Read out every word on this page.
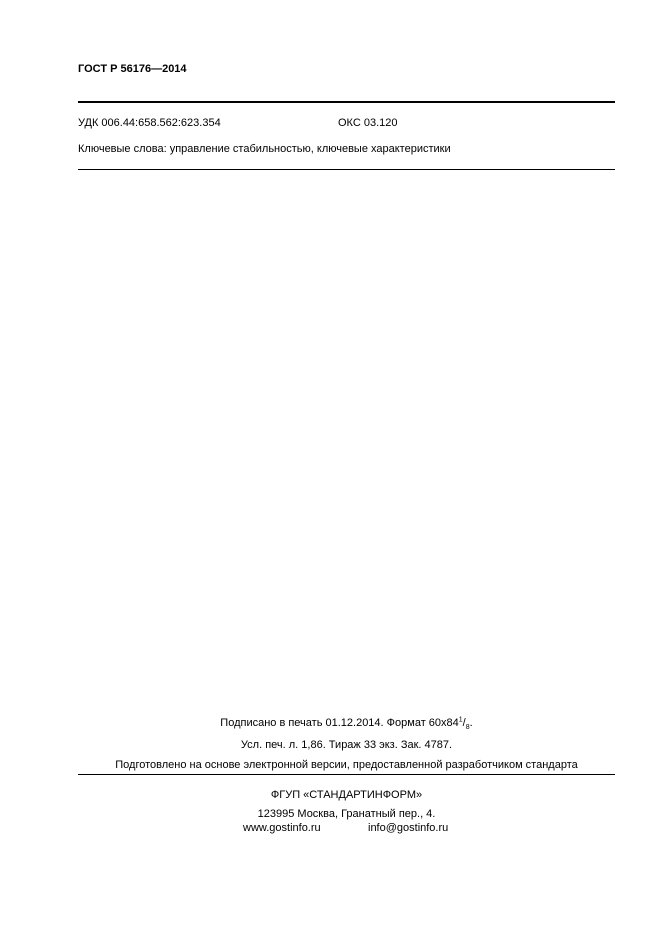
ГОСТ Р 56176—2014
УДК 006.44:658.562:623.354	ОКС 03.120
Ключевые слова: управление стабильностью, ключевые характеристики
Подписано в печать 01.12.2014. Формат $60x84^1/_8$.
Усл. печ. л. 1,86. Тираж 33 экз. Зак. 4787.
Подготовлено на основе электронной версии, предоставленной разработчиком стандарта
ФГУП «СТАНДАРТИНФОРМ»
123995 Москва, Гранатный пер., 4.
www.gostinfo.ru	info@gostinfo.ru
